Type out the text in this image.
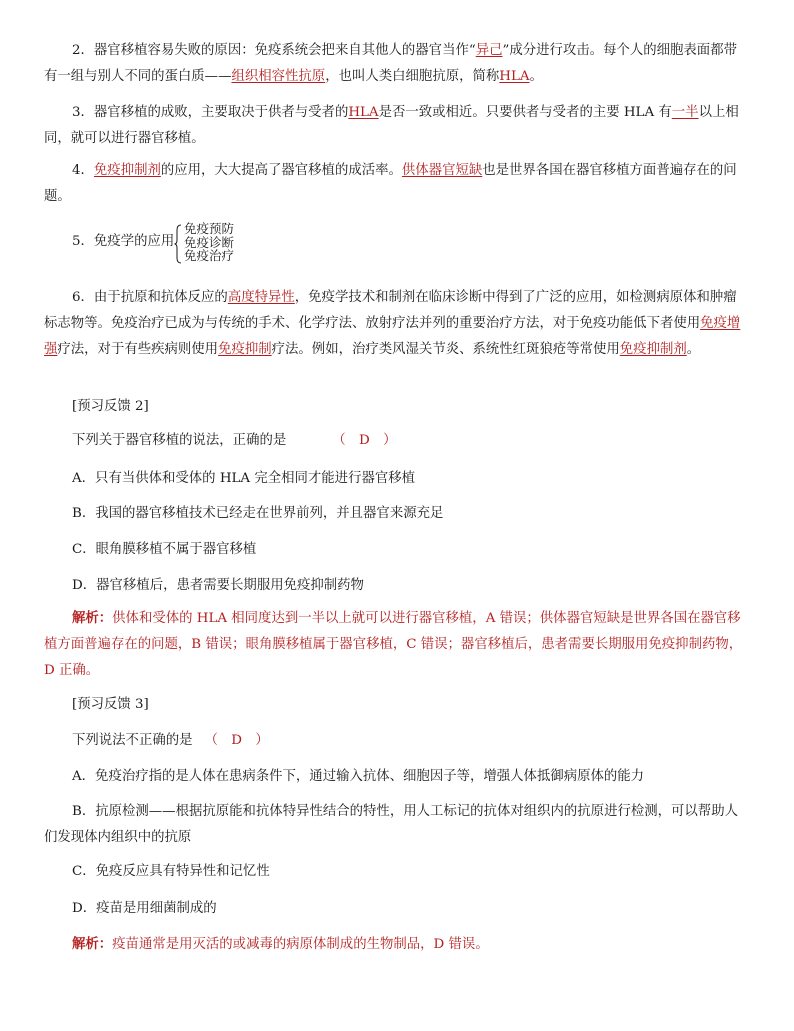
2．器官移植容易失败的原因：免疫系统会把来自其他人的器官当作“异己”成分进行攻击。每个人的细胞表面都带有一组与别人不同的蛋白质——组织相容性抗原，也叫人类白细胞抗原，简称HLA。
3．器官移植的成败，主要取决于供者与受者的HLA是否一致或相近。只要供者与受者的主要 HLA 有一半以上相同，就可以进行器官移植。
4．免疫抑制剂的应用，大大提高了器官移植的成活率。供体器官短缺也是世界各国在器官移植方面普遍存在的问题。
5．免疫学的应用
免疫预防
免疫诊断
免疫治疗
6．由于抗原和抗体反应的高度特异性，免疫学技术和制剂在临床诊断中得到了广泛的应用，如检测病原体和肿瘤标志物等。免疫治疗已成为与传统的手术、化学疗法、放射疗法并列的重要治疗方法，对于免疫功能低下者使用免疫增强疗法，对于有些疾病则使用免疫抑制疗法。例如，治疗类风湿关节炎、系统性红斑狼疮等常使用免疫抑制剂。
[预习反馈 2]
下列关于器官移植的说法，正确的是	（　D　）
A．只有当供体和受体的 HLA 完全相同才能进行器官移植
B．我国的器官移植技术已经走在世界前列，并且器官来源充足
C．眼角膜移植不属于器官移植
D．器官移植后，患者需要长期服用免疫抑制药物
解析：供体和受体的 HLA 相同度达到一半以上就可以进行器官移植，A 错误；供体器官短缺是世界各国在器官移植方面普遍存在的问题，B 错误；眼角膜移植属于器官移植，C 错误；器官移植后，患者需要长期服用免疫抑制药物，D 正确。
[预习反馈 3]
下列说法不正确的是 （　D　）
A．免疫治疗指的是人体在患病条件下，通过输入抗体、细胞因子等，增强人体抵御病原体的能力
B．抗原检测——根据抗原能和抗体特异性结合的特性，用人工标记的抗体对组织内的抗原进行检测，可以帮助人们发现体内组织中的抗原
C．免疫反应具有特异性和记忆性
D．疫苗是用细菌制成的
解析：疫苗通常是用灭活的或减毒的病原体制成的生物制品，D 错误。
